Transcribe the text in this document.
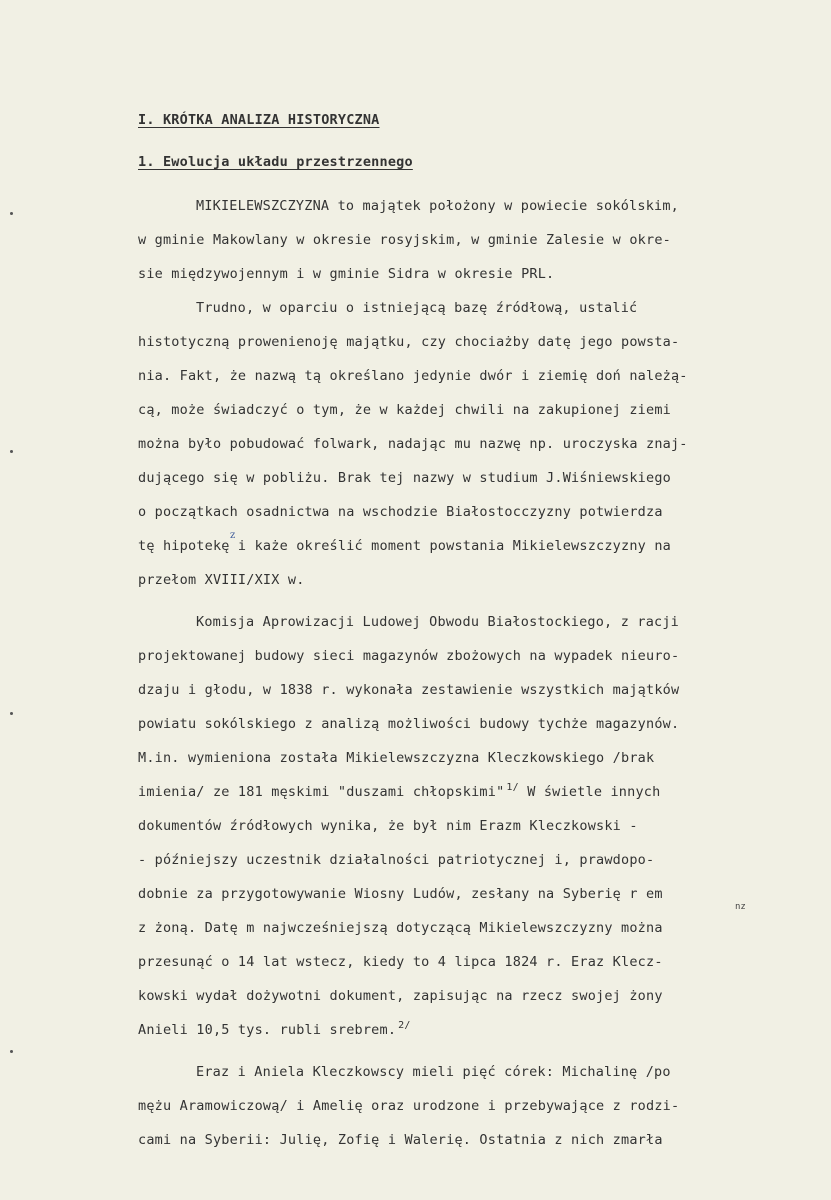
I. KRÓTKA ANALIZA HISTORYCZNA
1. Ewolucja układu przestrzennego

MIKIELEWSZCZYZNA to majątek położony w powiecie sokólskim,

w gminie Makowlany w okresie rosyjskim, w gminie Zalesie w okre-

sie międzywojennym i w gminie Sidra w okresie PRL.

Trudno, w oparciu o istniejącą bazę źródłową, ustalić

histotyczną prowenienoję majątku, czy chociażby datę jego powsta-

nia. Fakt, że nazwą tą określano jedynie dwór i ziemię doń należą-

cą, może świadczyć o tym, że w każdej chwili na zakupionej ziemi

można było pobudować folwark, nadając mu nazwę np. uroczyska znaj-

dującego się w pobliżu. Brak tej nazwy w studium J.Wiśniewskiego

o początkach osadnictwa na wschodzie Białostocczyzny potwierdza

z

tę hipotekę i każe określić moment powstania Mikielewszczyzny na

przełom XVIII/XIX w.

Komisja Aprowizacji Ludowej Obwodu Białostockiego, z racji

projektowanej budowy sieci magazynów zbożowych na wypadek nieuro-

dzaju i głodu, w 1838 r. wykonała zestawienie wszystkich majątków

powiatu sokólskiego z analizą możliwości budowy tychże magazynów.

M.in. wymieniona została Mikielewszczyzna Kleczkowskiego /brak

imienia/ ze 181 męskimi "duszami chłopskimi" $^{1/}$ W świetle innych

dokumentów źródłowych wynika, że był nim Erazm Kleczkowski -

- późniejszy uczestnik działalności patriotycznej i, prawdopo-

dobnie za przygotowywanie Wiosny Ludów, zesłany na Syberię r em

nz

z żoną. Datę m najwcześniejszą dotyczącą Mikielewszczyzny można

przesunąć o 14 lat wstecz, kiedy to 4 lipca 1824 r. Eraz Klecz-

kowski wydał dożywotni dokument, zapisując na rzecz swojej żony

Anieli 10,5 tys. rubli srebrem. $^{2/}$

Eraz i Aniela Kleczkowscy mieli pięć córek: Michalinę /po

mężu Aramowiczową/ i Amelię oraz urodzone i przebywające z rodzi-

cami na Syberii: Julię, Zofię i Walerię. Ostatnia z nich zmarła
